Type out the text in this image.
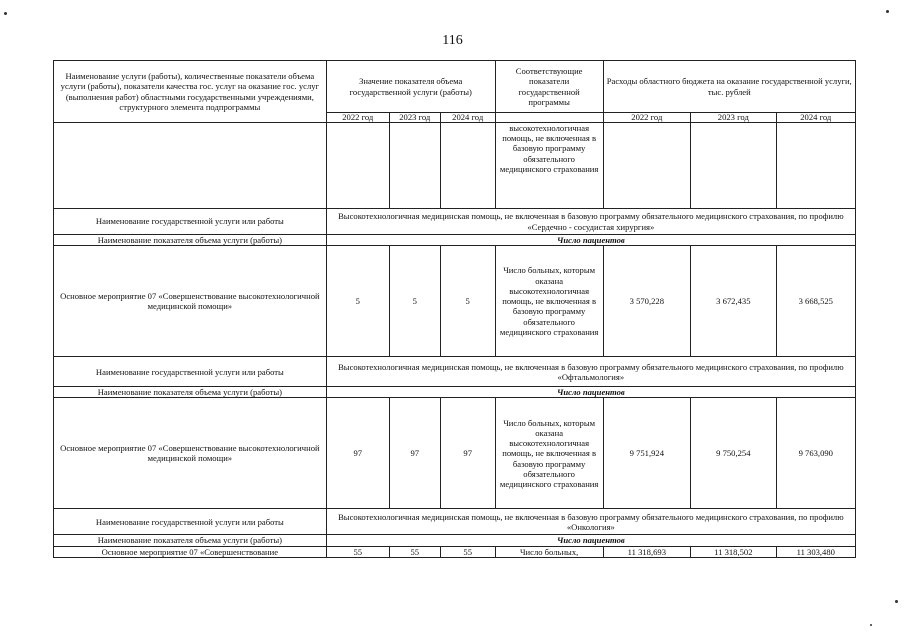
116
Наименование услуги (работы), количественные показатели объема услуги (работы), показатели качества гос. услуг на оказание гос. услуг (выполнения работ) областными государственными учреждениями, структурного элемента подпрограммы	Значение показателя объема государственной услуги (работы)			Соответствующие показатели государственной программы	Расходы областного бюджета на оказание государственной услуги, тыс. рублей		
	2022 год	2023 год	2024 год		2022 год	2023 год	2024 год
				высокотехнологичная помощь, не включенная в базовую программу обязательного медицинского страхования			
Наименование государственной услуги или работы	Высокотехнологичная медицинская помощь, не включенная в базовую программу обязательного медицинского страхования, по профилю «Сердечно - сосудистая хирургия»						
Наименование показателя объема услуги (работы)	Число пациентов						
Основное мероприятие 07 «Совершенствование высокотехнологичной медицинской помощи»	5	5	5	Число больных, которым оказана высокотехнологичная помощь, не включенная в базовую программу обязательного медицинского страхования	3 570,228	3 672,435	3 668,525
Наименование государственной услуги или работы	Высокотехнологичная медицинская помощь, не включенная в базовую программу обязательного медицинского страхования, по профилю «Офтальмология»						
Наименование показателя объема услуги (работы)	Число пациентов						
Основное мероприятие 07 «Совершенствование высокотехнологичной медицинской помощи»	97	97	97	Число больных, которым оказана высокотехнологичная помощь, не включенная в базовую программу обязательного медицинского страхования	9 751,924	9 750,254	9 763,090
Наименование государственной услуги или работы	Высокотехнологичная медицинская помощь, не включенная в базовую программу обязательного медицинского страхования, по профилю «Онкология»						
Наименование показателя объема услуги (работы)	Число пациентов						
Основное мероприятие 07 «Совершенствование	55	55	55	Число больных,	11 318,693	11 318,502	11 303,480
